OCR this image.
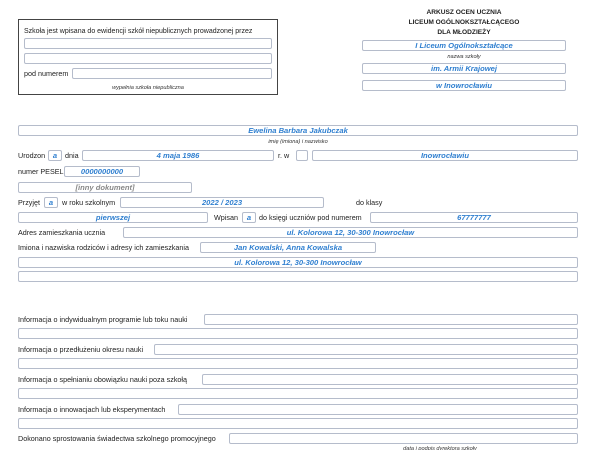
Szkoła jest wpisana do ewidencji szkół niepublicznych prowadzonej przez
pod numerem
wypełnia szkoła niepubliczna
ARKUSZ OCEN UCZNIA
LICEUM OGÓLNOKSZTAŁCĄCEGO
DLA MŁODZIEŻY
I Liceum Ogólnokształcące
nazwa szkoły
im. Armii Krajowej
w Inowrocławiu
Ewelina Barbara Jakubczak
imię (imiona) i nazwisko
Urodzon	a	dnia	4 maja 1986	r. w	Inowrocławiu
numer PESEL	0000000000
[inny dokument]
Przyjęt	a	w roku szkolnym	2022 / 2023	do klasy
pierwszej	Wpisan	a	do księgi uczniów pod numerem	67777777
Adres zamieszkania ucznia	ul. Kolorowa 12, 30-300 Inowrocław
Imiona i nazwiska rodziców i adresy ich zamieszkania	Jan Kowalski, Anna Kowalska
ul. Kolorowa 12, 30-300 Inowrocław
Informacja o indywidualnym programie lub toku nauki
Informacja o przedłużeniu okresu nauki
Informacja o spełnianiu obowiązku nauki poza szkołą
Informacja o innowacjach lub eksperymentach
Dokonano sprostowania świadectwa szkolnego promocyjnego
data i podpis dyrektora szkoły
